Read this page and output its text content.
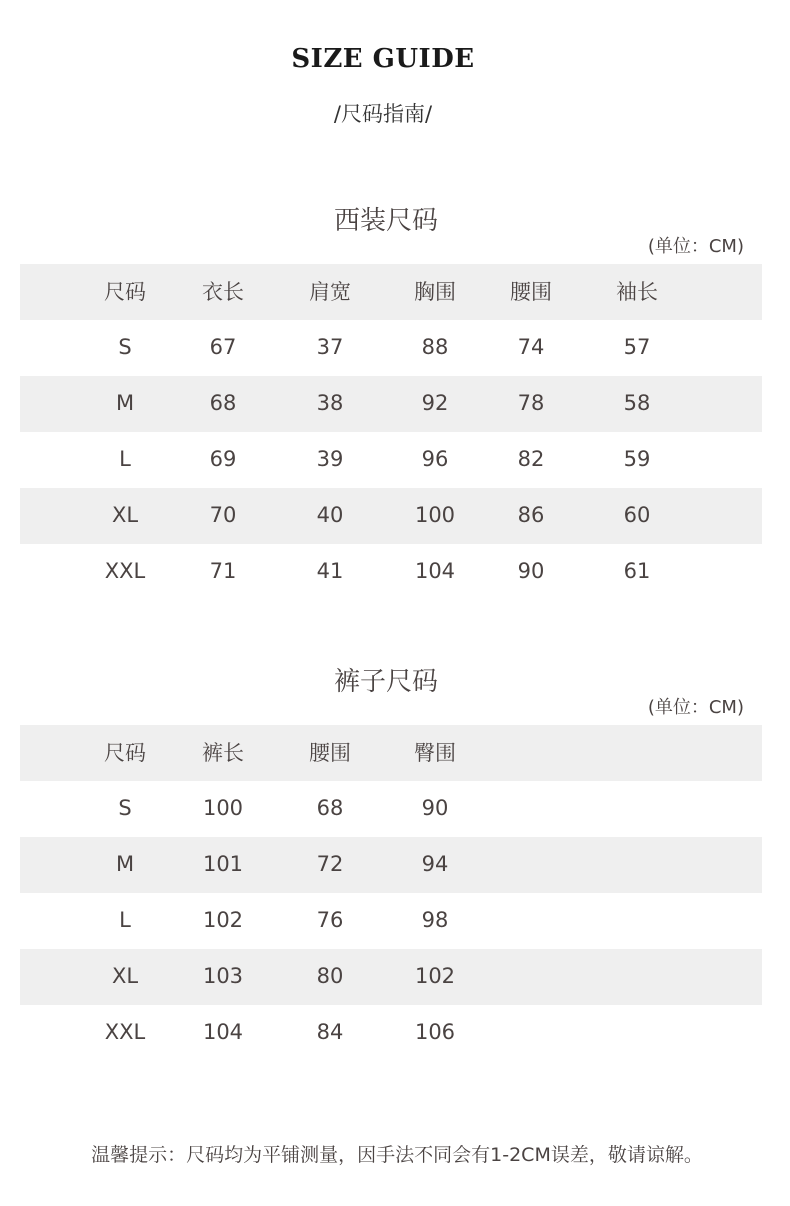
SIZE GUIDE
/尺码指南/
西装尺码
(单位：CM)
尺码	衣长	肩宽	胸围	腰围	袖长
S	67	37	88	74	57
M	68	38	92	78	58
L	69	39	96	82	59
XL	70	40	100	86	60
XXL	71	41	104	90	61
裤子尺码
(单位：CM)
尺码	裤长	腰围	臀围
S	100	68	90
M	101	72	94
L	102	76	98
XL	103	80	102
XXL	104	84	106
温馨提示：尺码均为平铺测量，因手法不同会有1-2CM误差，敬请谅解。
